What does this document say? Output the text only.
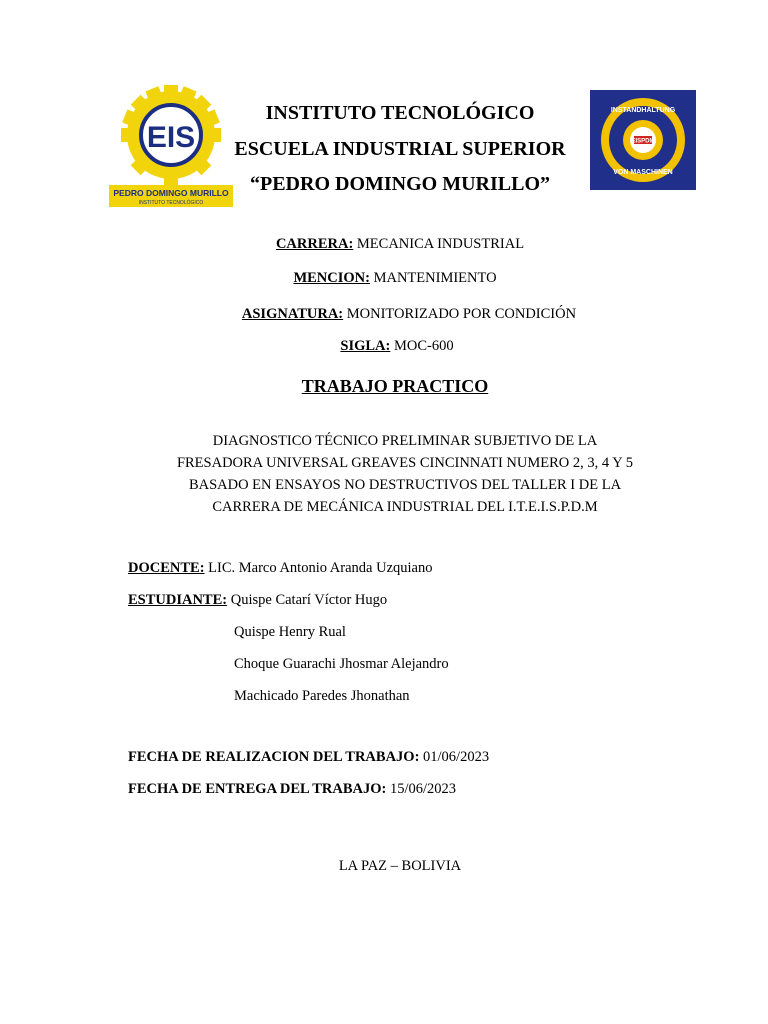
EIS
PEDRO DOMINGO MURILLO
INSTITUTO TECNOLÓGICO
EISPDM
INSTANDHALTUNG
VON MASCHINEN
INSTITUTO TECNOLÓGICO
ESCUELA INDUSTRIAL SUPERIOR
“PEDRO DOMINGO MURILLO”
CARRERA: MECANICA INDUSTRIAL
MENCION: MANTENIMIENTO
ASIGNATURA: MONITORIZADO POR CONDICIÓN
SIGLA: MOC-600
TRABAJO PRACTICO
DIAGNOSTICO TÉCNICO PRELIMINAR SUBJETIVO DE LA
FRESADORA UNIVERSAL GREAVES CINCINNATI NUMERO 2, 3, 4 Y 5
BASADO EN ENSAYOS NO DESTRUCTIVOS DEL TALLER I DE LA
CARRERA DE MECÁNICA INDUSTRIAL DEL I.T.E.I.S.P.D.M
DOCENTE: LIC. Marco Antonio Aranda Uzquiano
ESTUDIANTE: Quispe Catarí Víctor Hugo
Quispe Henry Rual
Choque Guarachi Jhosmar Alejandro
Machicado Paredes Jhonathan
FECHA DE REALIZACION DEL TRABAJO: 01/06/2023
FECHA DE ENTREGA DEL TRABAJO: 15/06/2023
LA PAZ – BOLIVIA
